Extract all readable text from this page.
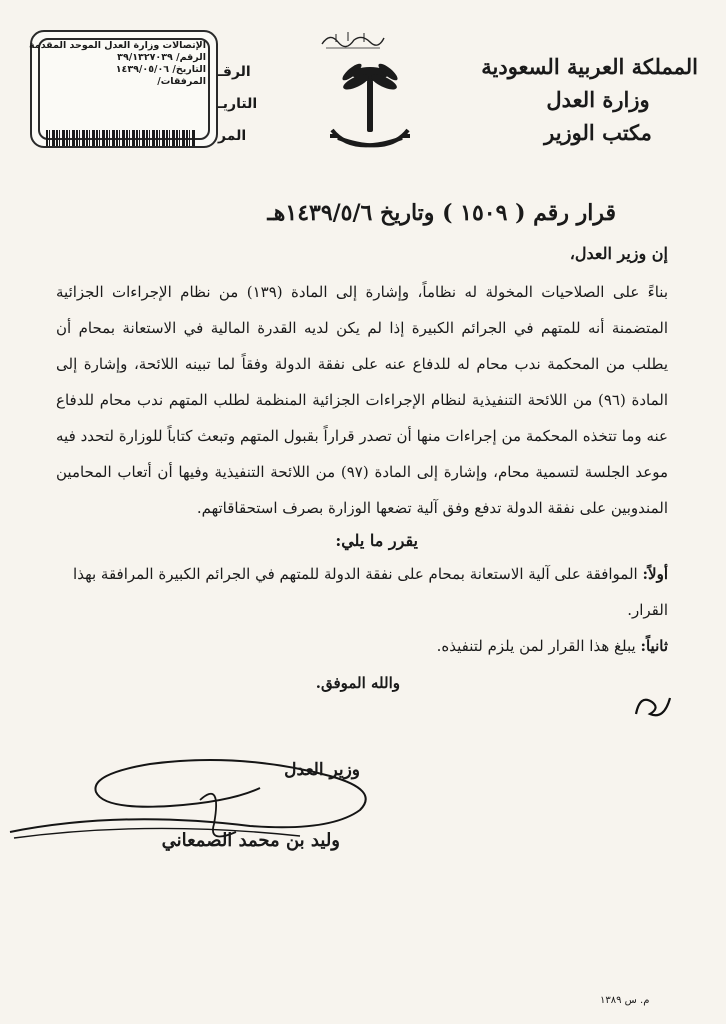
المملكة العربية السعودية
وزارة العدل
مكتب الوزير
الإتصالات وزارة العدل الموحد المقدمة
الرقم/ ٣٩/١٣٢٧٠٣٩
التاريخ/ ١٤٣٩/٠٥/٠٦
المرفقات/
الرقـ
التاريـ
المر
قرار رقم ( ١٥٠٩ ) وتاريخ ١٤٣٩/٥/٦هـ

إن وزير العدل،

بناءً على الصلاحيات المخولة له نظاماً، وإشارة إلى المادة (١٣٩) من نظام الإجراءات الجزائية المتضمنة أنه للمتهم في الجرائم الكبيرة إذا لم يكن لديه القدرة المالية في الاستعانة بمحام أن يطلب من المحكمة ندب محام له للدفاع عنه على نفقة الدولة وفقاً لما تبينه اللائحة، وإشارة إلى المادة (٩٦) من اللائحة التنفيذية لنظام الإجراءات الجزائية المنظمة لطلب المتهم ندب محام للدفاع عنه وما تتخذه المحكمة من إجراءات منها أن تصدر قراراً بقبول المتهم وتبعث كتاباً للوزارة لتحدد فيه موعد الجلسة لتسمية محام، وإشارة إلى المادة (٩٧) من اللائحة التنفيذية وفيها أن أتعاب المحامين المندوبين على نفقة الدولة تدفع وفق آلية تضعها الوزارة بصرف استحقاقاتهم.

يقرر ما يلي:

أولاً: الموافقة على آلية الاستعانة بمحام على نفقة الدولة للمتهم في الجرائم الكبيرة المرافقة بهذا القرار.

ثانياً: يبلغ هذا القرار لمن يلزم لتنفيذه.

والله الموفق.

وزير العدل
وليد بن محمد الصمعاني
م. س ١٣٨٩
